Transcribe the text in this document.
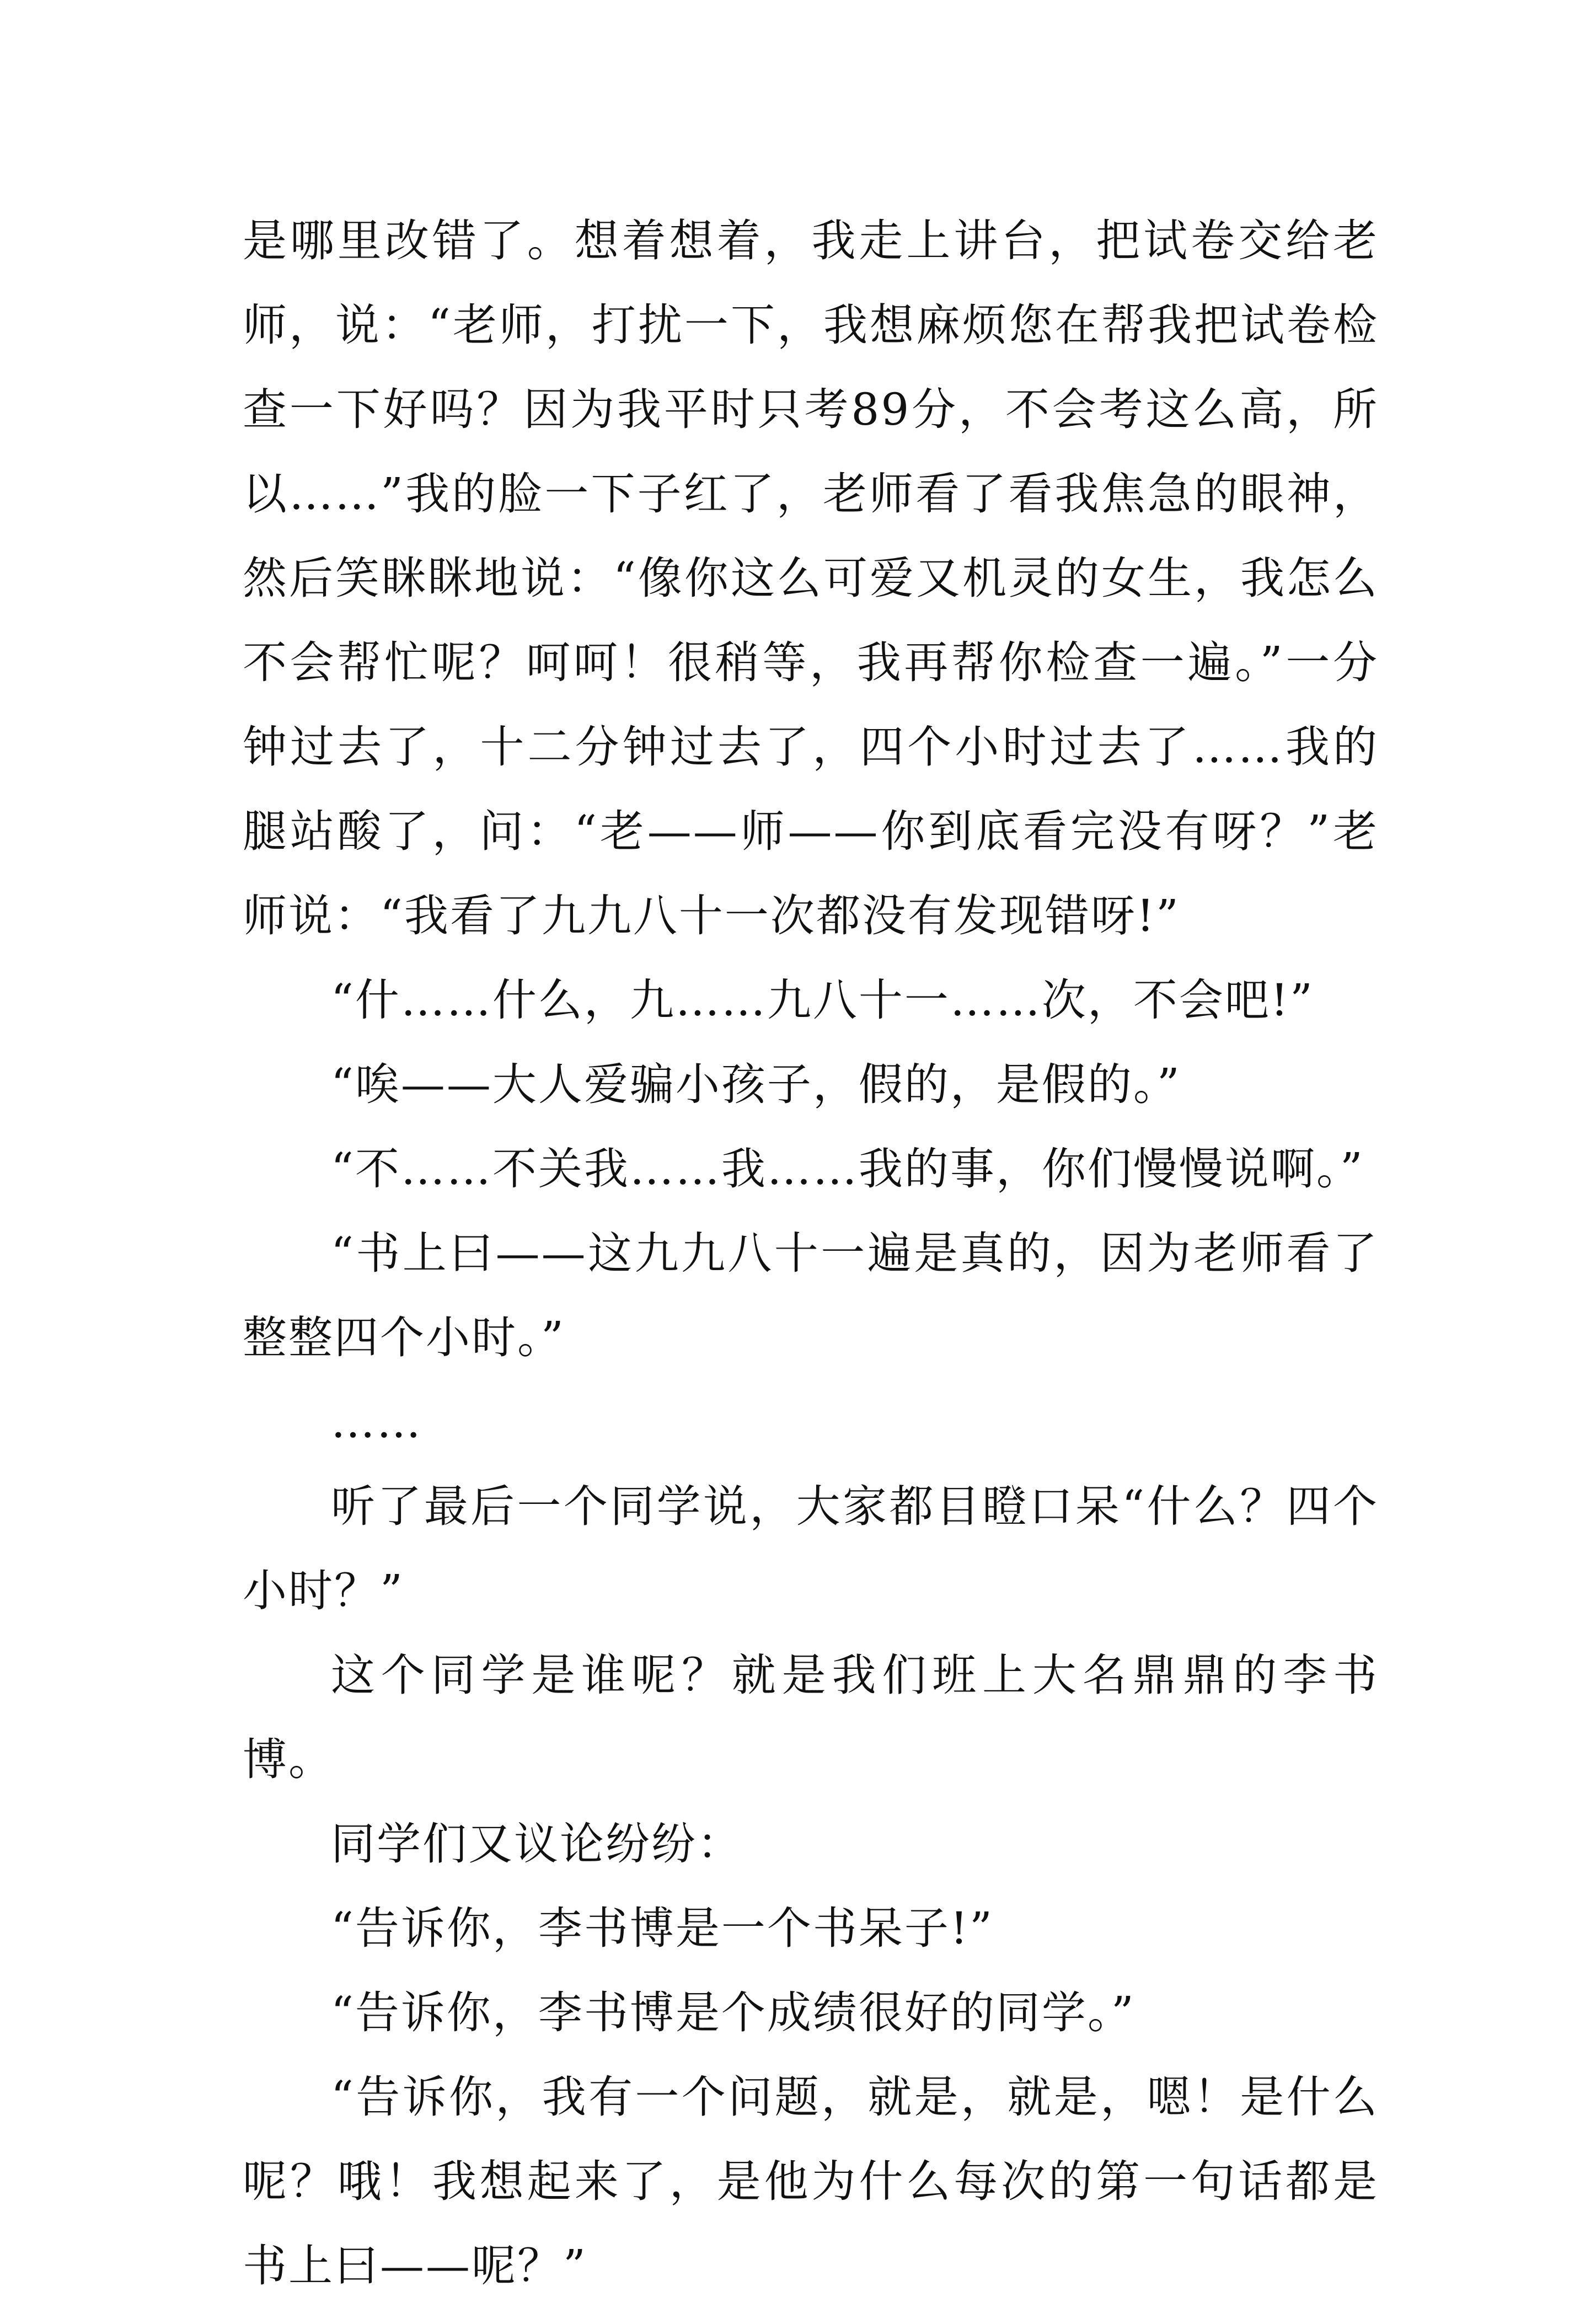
是哪里改错了。想着想着，我走上讲台，把试卷交给老师，说：“老师，打扰一下，我想麻烦您在帮我把试卷检查一下好吗？因为我平时只考89分，不会考这么高，所以……”我的脸一下子红了，老师看了看我焦急的眼神，然后笑眯眯地说：“像你这么可爱又机灵的女生，我怎么不会帮忙呢？呵呵！很稍等，我再帮你检查一遍。”一分钟过去了，十二分钟过去了，四个小时过去了……我的腿站酸了，问：“老——师——你到底看完没有呀？”老师说：“我看了九九八十一次都没有发现错呀!”

“什……什么，九……九八十一……次，不会吧!”

“唉——大人爱骗小孩子，假的，是假的。”

“不……不关我……我……我的事，你们慢慢说啊。”

“书上曰——这九九八十一遍是真的，因为老师看了整整四个小时。”

……

听了最后一个同学说，大家都目瞪口呆“什么？四个小时？”

这个同学是谁呢？就是我们班上大名鼎鼎的李书博。

同学们又议论纷纷：

“告诉你，李书博是一个书呆子!”

“告诉你，李书博是个成绩很好的同学。”

“告诉你，我有一个问题，就是，就是，嗯！是什么呢？哦！我想起来了，是他为什么每次的第一句话都是书上曰——呢？”
